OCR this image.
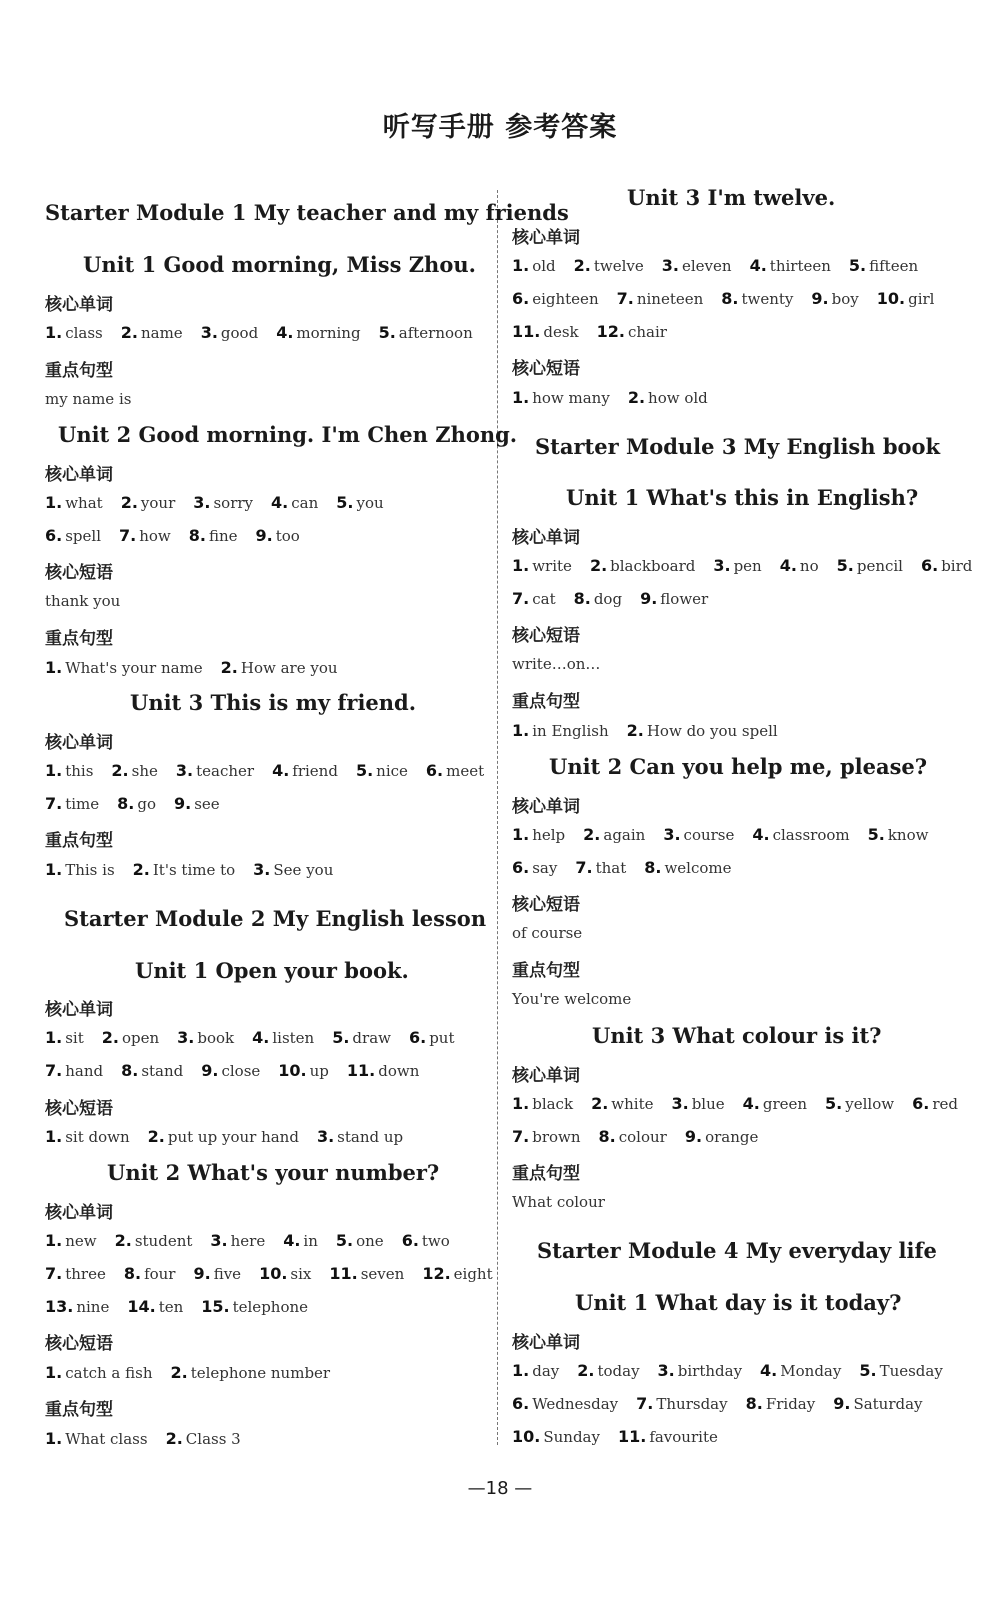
听写手册 参考答案
Starter Module 1 My teacher and my friends
Unit 1 Good morning, Miss Zhou.
核心单词
1. class 2. name 3. good 4. morning 5. afternoon
重点句型
my name is
Unit 2 Good morning. I'm Chen Zhong.
核心单词
1. what 2. your 3. sorry 4. can 5. you
6. spell 7. how 8. fine 9. too
核心短语
thank you
重点句型
1. What's your name 2. How are you
Unit 3 This is my friend.
核心单词
1. this 2. she 3. teacher 4. friend 5. nice 6. meet
7. time 8. go 9. see
重点句型
1. This is 2. It's time to 3. See you
Starter Module 2 My English lesson
Unit 1 Open your book.
核心单词
1. sit 2. open 3. book 4. listen 5. draw 6. put
7. hand 8. stand 9. close 10. up 11. down
核心短语
1. sit down 2. put up your hand 3. stand up
Unit 2 What's your number?
核心单词
1. new 2. student 3. here 4. in 5. one 6. two
7. three 8. four 9. five 10. six 11. seven 12. eight
13. nine 14. ten 15. telephone
核心短语
1. catch a fish 2. telephone number
重点句型
1. What class 2. Class 3
Unit 3 I'm twelve.
核心单词
1. old 2. twelve 3. eleven 4. thirteen 5. fifteen
6. eighteen 7. nineteen 8. twenty 9. boy 10. girl
11. desk 12. chair
核心短语
1. how many 2. how old
Starter Module 3 My English book
Unit 1 What's this in English?
核心单词
1. write 2. blackboard 3. pen 4. no 5. pencil 6. bird
7. cat 8. dog 9. flower
核心短语
write…on…
重点句型
1. in English 2. How do you spell
Unit 2 Can you help me, please?
核心单词
1. help 2. again 3. course 4. classroom 5. know
6. say 7. that 8. welcome
核心短语
of course
重点句型
You're welcome
Unit 3 What colour is it?
核心单词
1. black 2. white 3. blue 4. green 5. yellow 6. red
7. brown 8. colour 9. orange
重点句型
What colour
Starter Module 4 My everyday life
Unit 1 What day is it today?
核心单词
1. day 2. today 3. birthday 4. Monday 5. Tuesday
6. Wednesday 7. Thursday 8. Friday 9. Saturday
10. Sunday 11. favourite
—18 —
